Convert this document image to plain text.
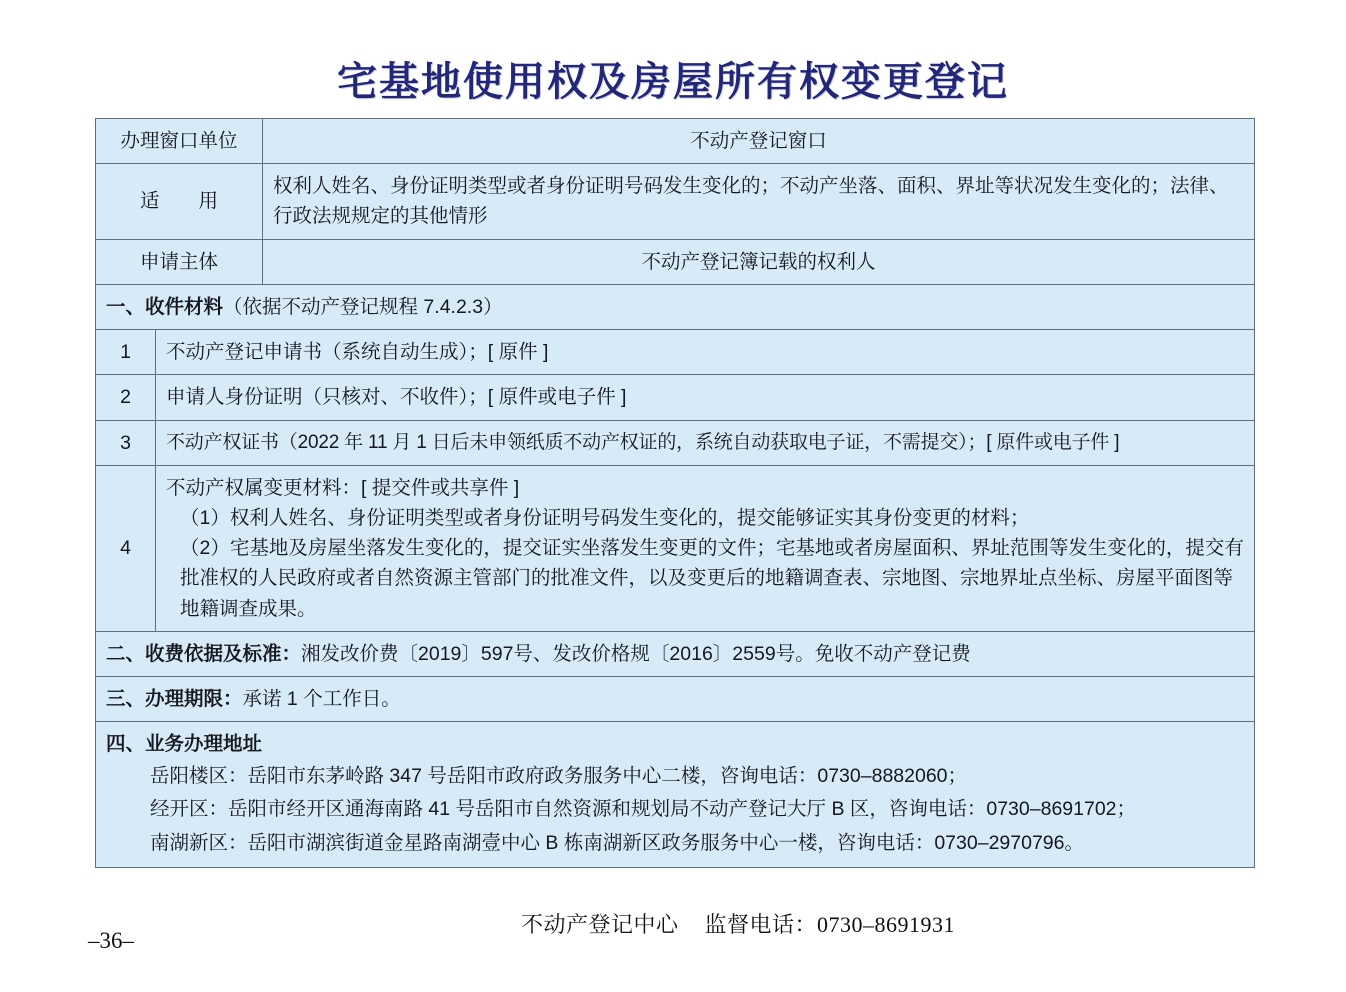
宅基地使用权及房屋所有权变更登记
办理窗口单位		不动产登记窗口
适　　用		权利人姓名、身份证明类型或者身份证明号码发生变化的；不动产坐落、面积、界址等状况发生变化的；法律、行政法规规定的其他情形
申请主体		不动产登记簿记载的权利人
一、收件材料（依据不动产登记规程 7.4.2.3）		
1	不动产登记申请书（系统自动生成）；[ 原件 ]	
2	申请人身份证明（只核对、不收件）；[ 原件或电子件 ]	
3	不动产权证书（2022 年 11 月 1 日后未申领纸质不动产权证的，系统自动获取电子证，不需提交）；[ 原件或电子件 ]	
4	不动产权属变更材料：[ 提交件或共享件 ]
（1）权利人姓名、身份证明类型或者身份证明号码发生变化的，提交能够证实其身份变更的材料；
（2）宅基地及房屋坐落发生变化的，提交证实坐落发生变更的文件；宅基地或者房屋面积、界址范围等发生变化的，提交有批准权的人民政府或者自然资源主管部门的批准文件，以及变更后的地籍调查表、宗地图、宗地界址点坐标、房屋平面图等地籍调查成果。	

二、收费依据及标准：湘发改价费〔2019〕597号、发改价格规〔2016〕2559号。免收不动产登记费		
三、办理期限：承诺 1 个工作日。		

四、业务办理地址
岳阳楼区：岳阳市东茅岭路 347 号岳阳市政府政务服务中心二楼，咨询电话：0730–8882060；
经开区：岳阳市经开区通海南路 41 号岳阳市自然资源和规划局不动产登记大厅 B 区，咨询电话：0730–8691702；
南湖新区：岳阳市湖滨街道金星路南湖壹中心 B 栋南湖新区政务服务中心一楼，咨询电话：0730–2970796。		
不动产登记中心 监督电话：0730–8691931
–36–
